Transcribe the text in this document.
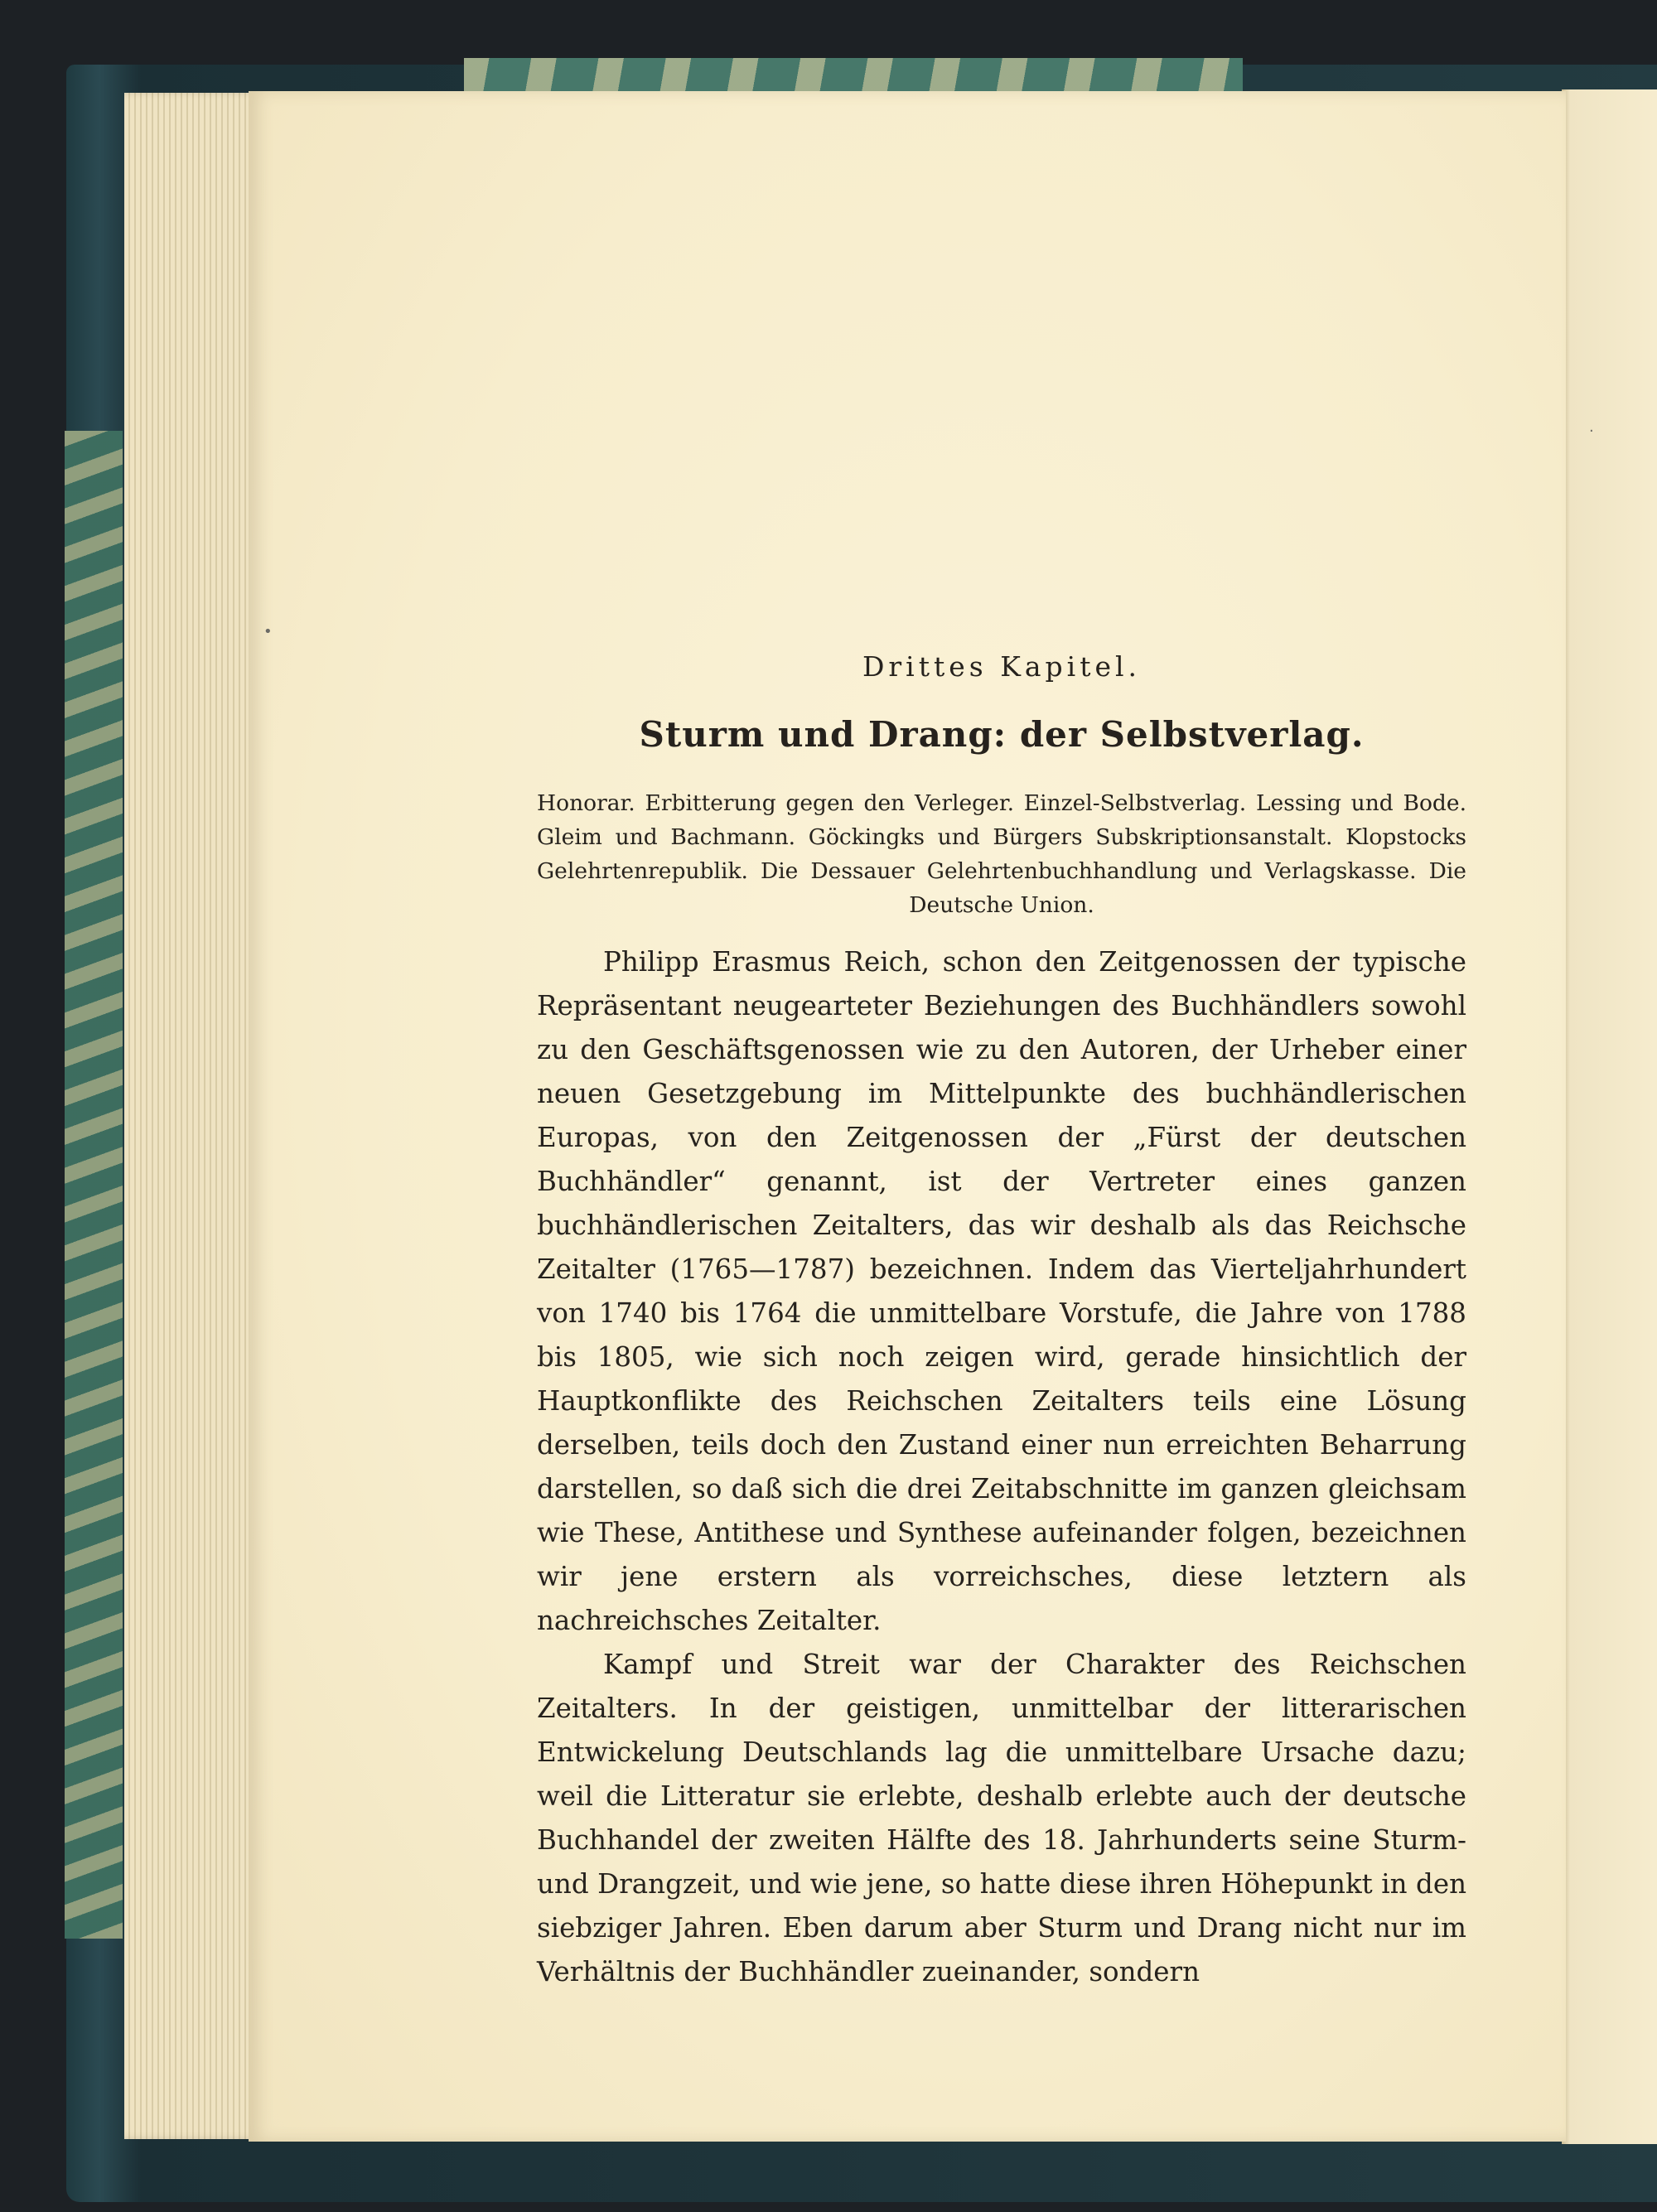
Drittes Kapitel.
Sturm und Drang: der Selbstverlag.

Honorar. Erbitterung gegen den Verleger. Einzel-Selbstverlag. Lessing und Bode. Gleim und Bachmann. Göckingks und Bürgers Subskriptionsanstalt. Klopstocks Gelehrtenrepublik. Die Dessauer Gelehrtenbuchhandlung und Verlagskasse. Die Deutsche Union.

Philipp Erasmus Reich, schon den Zeitgenossen der typische Repräsentant neugearteter Beziehungen des Buchhändlers sowohl zu den Geschäftsgenossen wie zu den Autoren, der Urheber einer neuen Gesetzgebung im Mittelpunkte des buchhändlerischen Europas, von den Zeitgenossen der „Fürst der deutschen Buchhändler“ genannt, ist der Vertreter eines ganzen buchhändlerischen Zeitalters, das wir deshalb als das Reichsche Zeitalter (1765—1787) bezeichnen. Indem das Vierteljahrhundert von 1740 bis 1764 die unmittelbare Vorstufe, die Jahre von 1788 bis 1805, wie sich noch zeigen wird, gerade hinsichtlich der Hauptkonflikte des Reichschen Zeitalters teils eine Lösung derselben, teils doch den Zustand einer nun erreichten Beharrung darstellen, so daß sich die drei Zeitabschnitte im ganzen gleichsam wie These, Antithese und Synthese aufeinander folgen, bezeichnen wir jene erstern als vorreichsches, diese letztern als nachreichsches Zeitalter.

Kampf und Streit war der Charakter des Reichschen Zeitalters. In der geistigen, unmittelbar der litterarischen Entwickelung Deutschlands lag die unmittelbare Ursache dazu; weil die Litteratur sie erlebte, deshalb erlebte auch der deutsche Buchhandel der zweiten Hälfte des 18. Jahrhunderts seine Sturm- und Drangzeit, und wie jene, so hatte diese ihren Höhepunkt in den siebziger Jahren. Eben darum aber Sturm und Drang nicht nur im Verhältnis der Buchhändler zueinander, sondern

•
·
